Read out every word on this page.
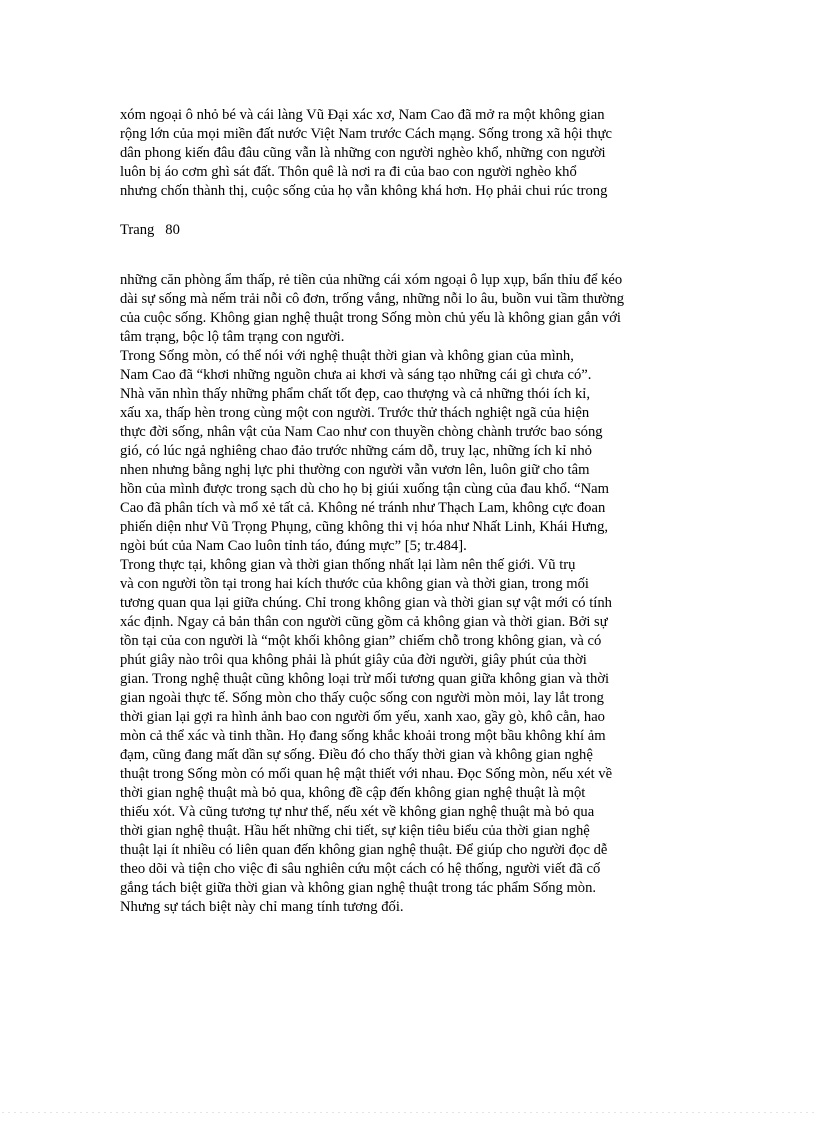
xóm ngoại ô nhỏ bé và cái làng Vũ Đại xác xơ, Nam Cao đã mở ra một không gian
rộng lớn của mọi miền đất nước Việt Nam trước Cách mạng. Sống trong xã hội thực
dân phong kiến đâu đâu cũng vẫn là những con người nghèo khổ, những con người
luôn bị áo cơm ghì sát đất. Thôn quê là nơi ra đi của bao con người nghèo khổ
nhưng chốn thành thị, cuộc sống của họ vẫn không khá hơn. Họ phải chui rúc trong
Trang   80
những căn phòng ẩm thấp, rẻ tiền của những cái xóm ngoại ô lụp xụp, bẩn thỉu để kéo
dài sự sống mà nếm trải nỗi cô đơn, trống vắng, những nỗi lo âu, buồn vui tầm thường
của cuộc sống. Không gian nghệ thuật trong Sống mòn chủ yếu là không gian gắn với
tâm trạng, bộc lộ tâm trạng con người.
Trong Sống mòn, có thể nói với nghệ thuật thời gian và không gian của mình,
Nam Cao đã “khơi những nguồn chưa ai khơi và sáng tạo những cái gì chưa có”.
Nhà văn nhìn thấy những phẩm chất tốt đẹp, cao thượng và cả những thói ích kỉ,
xấu xa, thấp hèn trong cùng một con người. Trước thử thách nghiệt ngã của hiện
thực đời sống, nhân vật của Nam Cao như con thuyền chòng chành trước bao sóng
gió, có lúc ngả nghiêng chao đảo trước những cám dỗ, truỵ lạc, những ích kỉ nhỏ
nhen nhưng bằng nghị lực phi thường con người vẫn vươn lên, luôn giữ cho tâm
hồn của mình được trong sạch dù cho họ bị giúi xuống tận cùng của đau khổ. “Nam
Cao đã phân tích và mổ xẻ tất cả. Không né tránh như Thạch Lam, không cực đoan
phiến diện như Vũ Trọng Phụng, cũng không thi vị hóa như Nhất Linh, Khái Hưng,
ngòi bút của Nam Cao luôn tỉnh táo, đúng mực” [5; tr.484].
Trong thực tại, không gian và thời gian thống nhất lại làm nên thế giới. Vũ trụ
và con người tồn tại trong hai kích thước của không gian và thời gian, trong mối
tương quan qua lại giữa chúng. Chỉ trong không gian và thời gian sự vật mới có tính
xác định. Ngay cả bản thân con người cũng gồm cả không gian và thời gian. Bởi sự
tồn tại của con người là “một khối không gian” chiếm chỗ trong không gian, và có
phút giây nào trôi qua không phải là phút giây của đời người, giây phút của thời
gian. Trong nghệ thuật cũng không loại trừ mối tương quan giữa không gian và thời
gian ngoài thực tế. Sống mòn cho thấy cuộc sống con người mòn mỏi, lay lắt trong
thời gian lại gợi ra hình ảnh bao con người ốm yếu, xanh xao, gầy gò, khô cằn, hao
mòn cả thể xác và tinh thần. Họ đang sống khắc khoải trong một bầu không khí ảm
đạm, cũng đang mất dần sự sống. Điều đó cho thấy thời gian và không gian nghệ
thuật trong Sống mòn có mối quan hệ mật thiết với nhau. Đọc Sống mòn, nếu xét về
thời gian nghệ thuật mà bỏ qua, không đề cập đến không gian nghệ thuật là một
thiếu xót. Và cũng tương tự như thế, nếu xét về không gian nghệ thuật mà bỏ qua
thời gian nghệ thuật. Hầu hết những chi tiết, sự kiện tiêu biểu của thời gian nghệ
thuật lại ít nhiều có liên quan đến không gian nghệ thuật. Để giúp cho người đọc dễ
theo dõi và tiện cho việc đi sâu nghiên cứu một cách có hệ thống, người viết đã cố
gắng tách biệt giữa thời gian và không gian nghệ thuật trong tác phẩm Sống mòn.
Nhưng sự tách biệt này chỉ mang tính tương đối.
